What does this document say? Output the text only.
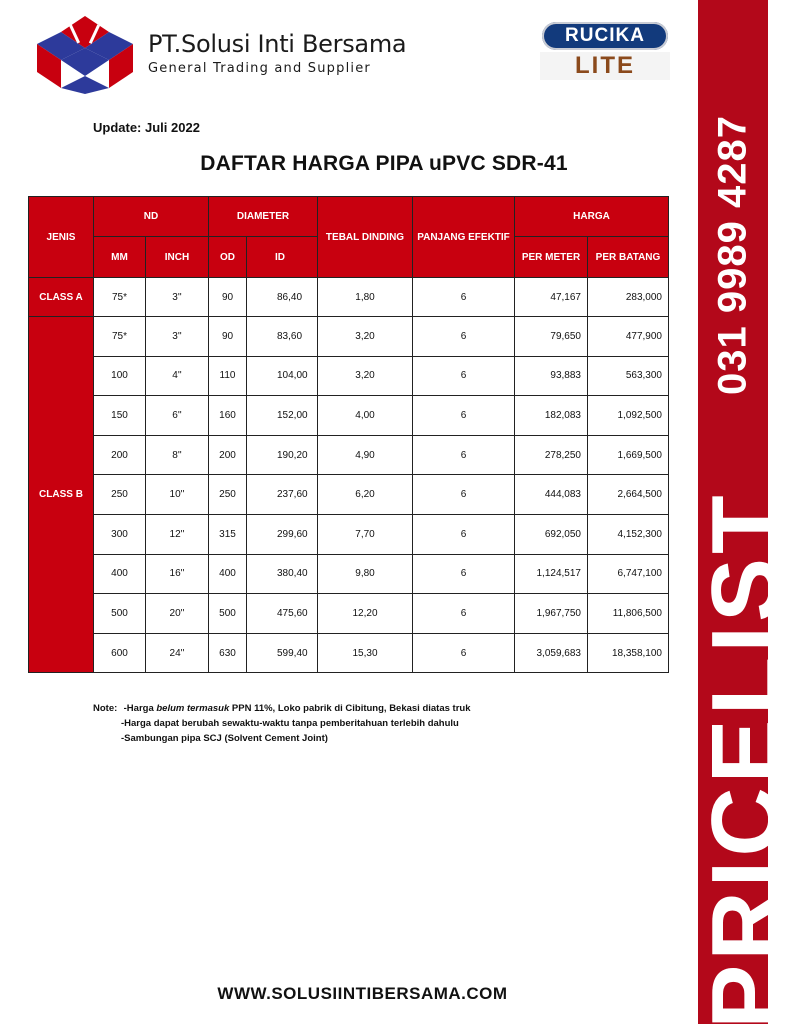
PT.Solusi Inti Bersama
General Trading and Supplier
RUCIKA
LITE
Update: Juli 2022
DAFTAR HARGA PIPA uPVC SDR-41
JENIS	ND		DIAMETER		TEBAL DINDING	PANJANG EFEKTIF	HARGA	
	MM	INCH	OD	ID			PER METER	PER BATANG
CLASS A	75*	3''	90	86,40	1,80	6	47,167	283,000
CLASS B	75*	3''	90	83,60	3,20	6	79,650	477,900
	100	4''	110	104,00	3,20	6	93,883	563,300
	150	6''	160	152,00	4,00	6	182,083	1,092,500
	200	8''	200	190,20	4,90	6	278,250	1,669,500
	250	10''	250	237,60	6,20	6	444,083	2,664,500
	300	12''	315	299,60	7,70	6	692,050	4,152,300
	400	16''	400	380,40	9,80	6	1,124,517	6,747,100
	500	20''	500	475,60	12,20	6	1,967,750	11,806,500
	600	24''	630	599,40	15,30	6	3,059,683	18,358,100
Note: -Harga belum termasuk PPN 11%, Loko pabrik di Cibitung, Bekasi diatas truk
-Harga dapat berubah sewaktu-waktu tanpa pemberitahuan terlebih dahulu
-Sambungan pipa SCJ (Solvent Cement Joint)
WWW.SOLUSIINTIBERSAMA.COM
031 9989 4287
PRICELIST
